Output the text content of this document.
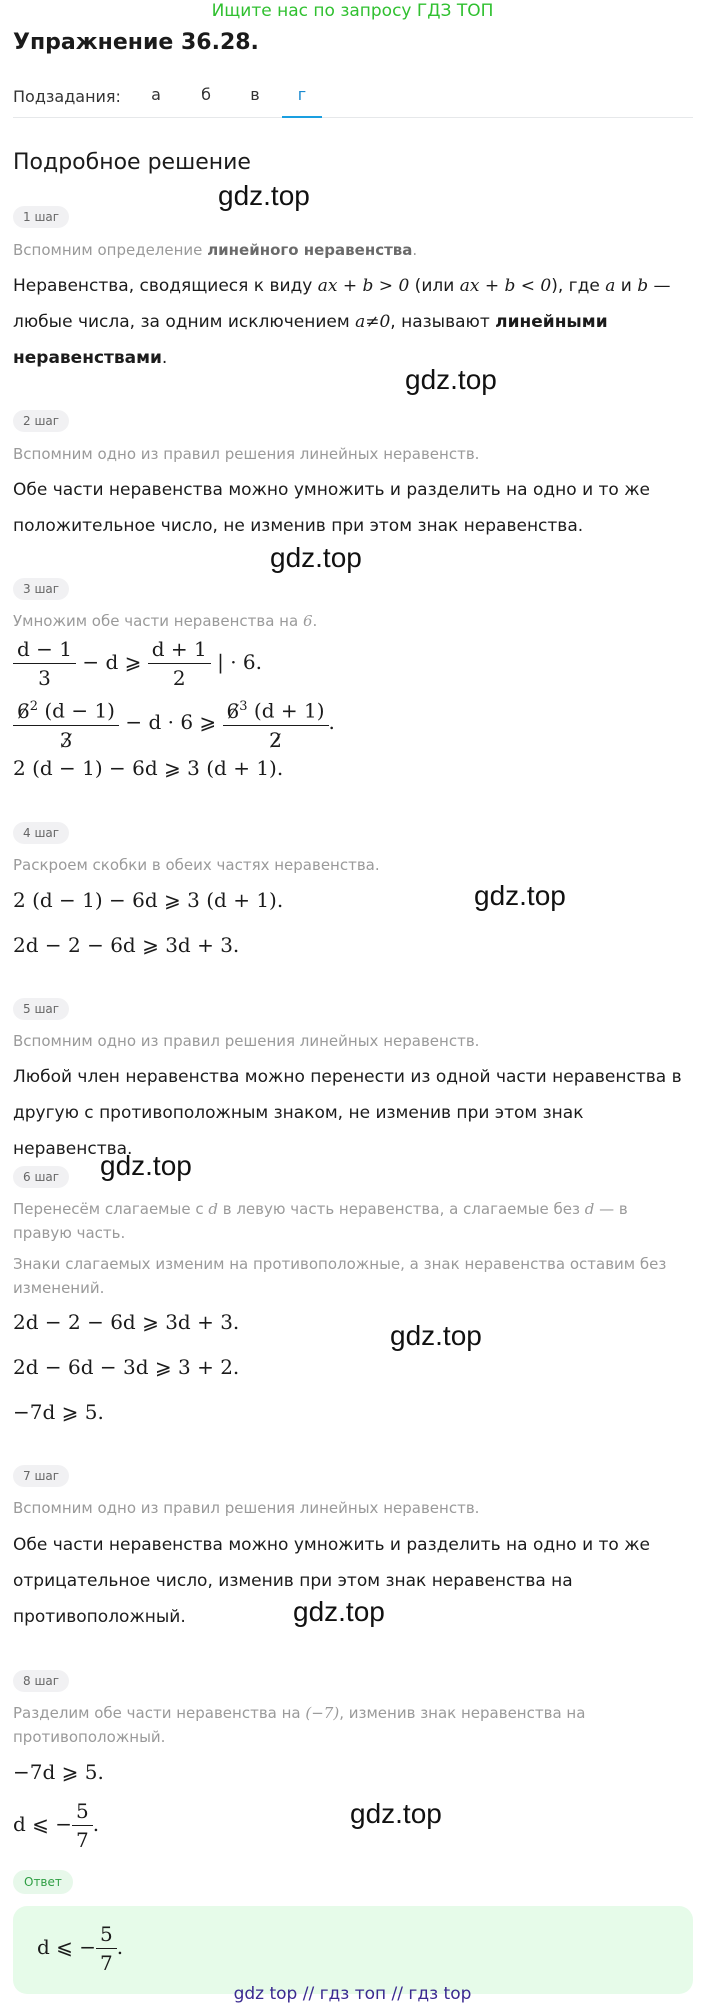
Ищите нас по запросу ГДЗ ТОП
Упражнение 36.28.
Подзадания:	а	б	в	г
Подробное решение
gdz.top
gdz.top
gdz.top
gdz.top
gdz.top
gdz.top
gdz.top
gdz.top
1 шаг
Вспомним определение линейного неравенства.
Неравенства, сводящиеся к виду ax + b > 0 (или ax + b < 0), где a и b — любые числа, за одним исключением a≠0, называют линейными неравенствами.
2 шаг
Вспомним одно из правил решения линейных неравенств.
Обе части неравенства можно умножить и разделить на одно и то же положительное число, не изменив при этом знак неравенства.
3 шаг
Умножим обе части неравенства на 6.
$\frac{d - 1}{3} - d$ ⩾ $\frac{d + 1}{2}$ | · 6.
$\frac{6^2 (d - 1)}{3} - d \cdot 6$ ⩾ $\frac{6^3 (d + 1)}{2}$ .
2 (d − 1) − 6d ⩾ 3 (d + 1).
4 шаг
Раскроем скобки в обеих частях неравенства.
2 (d − 1) − 6d ⩾ 3 (d + 1).
2d − 2 − 6d ⩾ 3d + 3.
5 шаг
Вспомним одно из правил решения линейных неравенств.
Любой член неравенства можно перенести из одной части неравенства в другую с противоположным знаком, не изменив при этом знак неравенства.
6 шаг
Перенесём слагаемые с d в левую часть неравенства, а слагаемые без d — в правую часть.
Знаки слагаемых изменим на противоположные, а знак неравенства оставим без изменений.
2d − 2 − 6d ⩾ 3d + 3.
2d − 6d − 3d ⩾ 3 + 2.
−7d ⩾ 5.
7 шаг
Вспомним одно из правил решения линейных неравенств.
Обе части неравенства можно умножить и разделить на одно и то же отрицательное число, изменив при этом знак неравенства на противоположный.
8 шаг
Разделим обе части неравенства на (−7), изменив знак неравенства на противоположный.
−7d ⩾ 5.
d ⩽ − $\frac{5}{7}$ .
Ответ
d ⩽ − $\frac{5}{7}$ .
gdz top // гдз топ // гдз top
